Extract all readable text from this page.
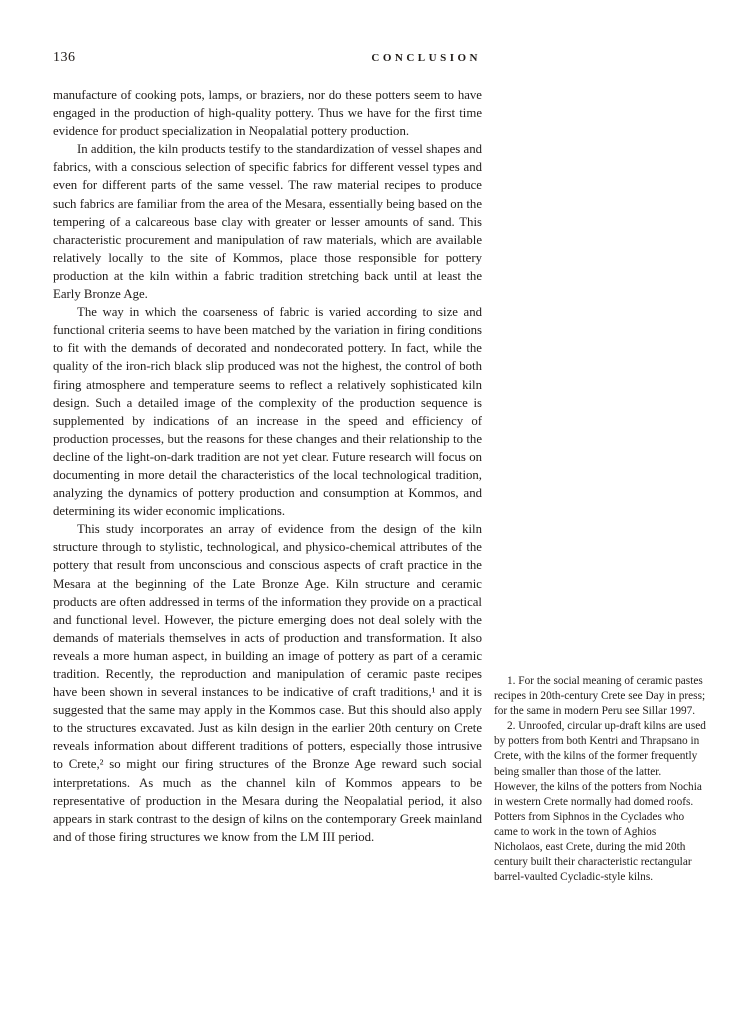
136	CONCLUSION

manufacture of cooking pots, lamps, or braziers, nor do these potters seem to have engaged in the production of high-quality pottery. Thus we have for the first time evidence for product specialization in Neopalatial pottery production.

In addition, the kiln products testify to the standardization of vessel shapes and fabrics, with a conscious selection of specific fabrics for different vessel types and even for different parts of the same vessel. The raw material recipes to produce such fabrics are familiar from the area of the Mesara, essentially being based on the tempering of a calcareous base clay with greater or lesser amounts of sand. This characteristic procurement and manipulation of raw materials, which are available relatively locally to the site of Kommos, place those responsible for pottery production at the kiln within a fabric tradition stretching back until at least the Early Bronze Age.

The way in which the coarseness of fabric is varied according to size and functional criteria seems to have been matched by the variation in firing conditions to fit with the demands of decorated and nondecorated pottery. In fact, while the quality of the iron-rich black slip produced was not the highest, the control of both firing atmosphere and temperature seems to reflect a relatively sophisticated kiln design. Such a detailed image of the complexity of the production sequence is supplemented by indications of an increase in the speed and efficiency of production processes, but the reasons for these changes and their relationship to the decline of the light-on-dark tradition are not yet clear. Future research will focus on documenting in more detail the characteristics of the local technological tradition, analyzing the dynamics of pottery production and consumption at Kommos, and determining its wider economic implications.

This study incorporates an array of evidence from the design of the kiln structure through to stylistic, technological, and physico-chemical attributes of the pottery that result from unconscious and conscious aspects of craft practice in the Mesara at the beginning of the Late Bronze Age. Kiln structure and ceramic products are often addressed in terms of the information they provide on a practical and functional level. However, the picture emerging does not deal solely with the demands of materials themselves in acts of production and transformation. It also reveals a more human aspect, in building an image of pottery as part of a ceramic tradition. Recently, the reproduction and manipulation of ceramic paste recipes have been shown in several instances to be indicative of craft traditions,¹ and it is suggested that the same may apply in the Kommos case. But this should also apply to the structures excavated. Just as kiln design in the earlier 20th century on Crete reveals information about different traditions of potters, especially those intrusive to Crete,² so might our firing structures of the Bronze Age reward such social interpretations. As much as the channel kiln of Kommos appears to be representative of production in the Mesara during the Neopalatial period, it also appears in stark contrast to the design of kilns on the contemporary Greek mainland and of those firing structures we know from the LM III period.

1. For the social meaning of ceramic pastes recipes in 20th-century Crete see Day in press; for the same in modern Peru see Sillar 1997.

2. Unroofed, circular up-draft kilns are used by potters from both Kentri and Thrapsano in Crete, with the kilns of the former frequently being smaller than those of the latter. However, the kilns of the potters from Nochia in western Crete normally had domed roofs. Potters from Siphnos in the Cyclades who came to work in the town of Aghios Nicholaos, east Crete, during the mid 20th century built their characteristic rectangular barrel-vaulted Cycladic-style kilns.
